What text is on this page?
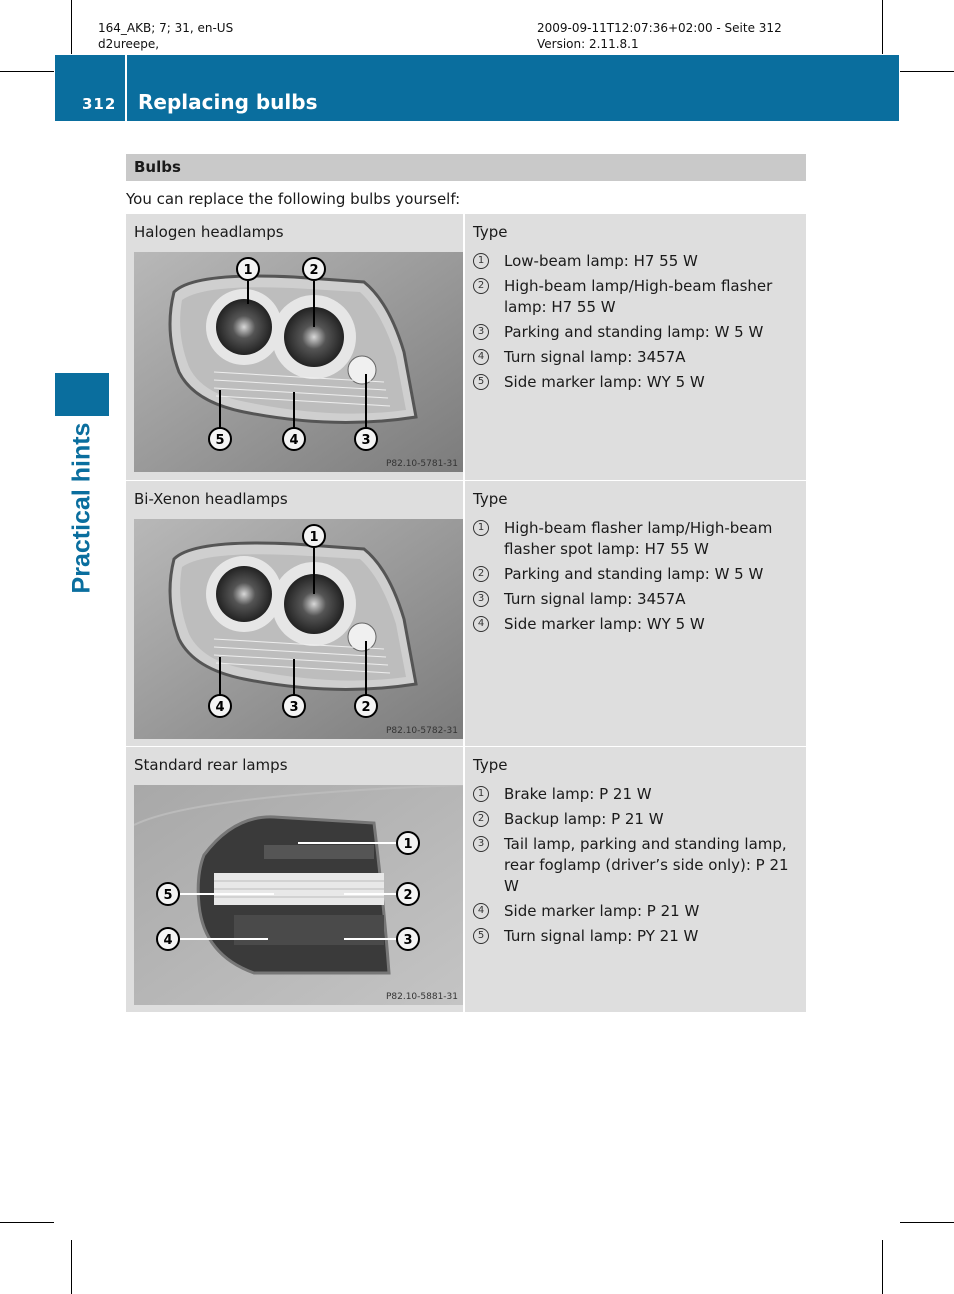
164_AKB; 7; 31, en-US
d2ureepe,
2009-09-11T12:07:36+02:00 - Seite 312
Version: 2.11.8.1
312 Replacing bulbs
Practical hints
Bulbs
You can replace the following bulbs yourself:
Halogen headlamps
1	2
3
4
5
P82.10-5781-31
Type
1	Low-beam lamp: H7 55 W
2	High-beam lamp/High-beam flasher lamp: H7 55 W
3	Parking and standing lamp: W 5 W
4	Turn signal lamp: 3457A
5	Side marker lamp: WY 5 W
Bi-Xenon headlamps
1
2
3
4
P82.10-5782-31
Type
1	High-beam flasher lamp/High-beam flasher spot lamp: H7 55 W
2	Parking and standing lamp: W 5 W
3	Turn signal lamp: 3457A
4	Side marker lamp: WY 5 W
Standard rear lamps
1
2
3
5
4
P82.10-5881-31
Type
1	Brake lamp: P 21 W
2	Backup lamp: P 21 W
3	Tail lamp, parking and standing lamp, rear foglamp (driver’s side only): P 21 W
4	Side marker lamp: P 21 W
5	Turn signal lamp: PY 21 W
